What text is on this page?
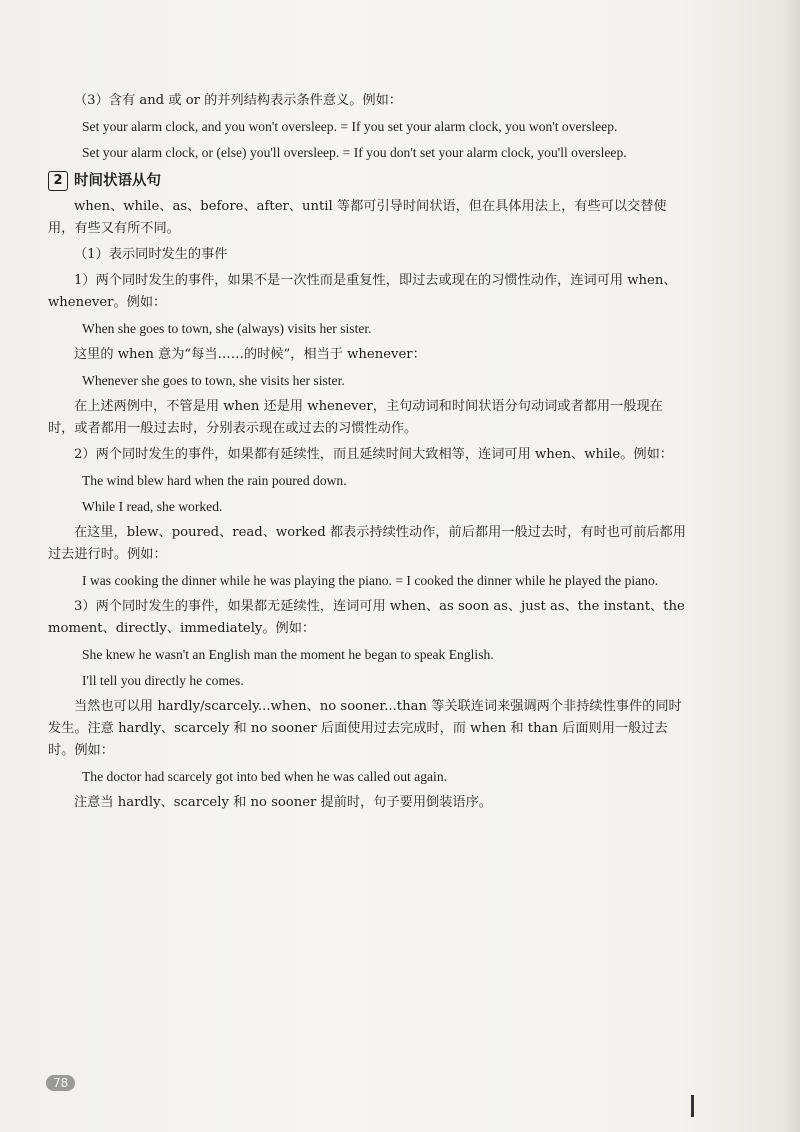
（3）含有 and 或 or 的并列结构表示条件意义。例如：

Set your alarm clock, and you won't oversleep. = If you set your alarm clock, you won't oversleep.

Set your alarm clock, or (else) you'll oversleep. = If you don't set your alarm clock, you'll oversleep.

2 时间状语从句

when、while、as、before、after、until 等都可引导时间状语，但在具体用法上，有些可以交替使用，有些又有所不同。

（1）表示同时发生的事件

1）两个同时发生的事件，如果不是一次性而是重复性，即过去或现在的习惯性动作，连词可用 when、whenever。例如：

When she goes to town, she (always) visits her sister.

这里的 when 意为“每当……的时候”，相当于 whenever：

Whenever she goes to town, she visits her sister.

在上述两例中，不管是用 when 还是用 whenever，主句动词和时间状语分句动词或者都用一般现在时，或者都用一般过去时，分别表示现在或过去的习惯性动作。

2）两个同时发生的事件，如果都有延续性，而且延续时间大致相等，连词可用 when、while。例如：

The wind blew hard when the rain poured down.

While I read, she worked.

在这里，blew、poured、read、worked 都表示持续性动作，前后都用一般过去时，有时也可前后都用过去进行时。例如：

I was cooking the dinner while he was playing the piano. = I cooked the dinner while he played the piano.

3）两个同时发生的事件，如果都无延续性，连词可用 when、as soon as、just as、the instant、the moment、directly、immediately。例如：

She knew he wasn't an English man the moment he began to speak English.

I'll tell you directly he comes.

当然也可以用 hardly/scarcely...when、no sooner...than 等关联连词来强调两个非持续性事件的同时发生。注意 hardly、scarcely 和 no sooner 后面使用过去完成时，而 when 和 than 后面则用一般过去时。例如：

The doctor had scarcely got into bed when he was called out again.

注意当 hardly、scarcely 和 no sooner 提前时，句子要用倒装语序。

78
